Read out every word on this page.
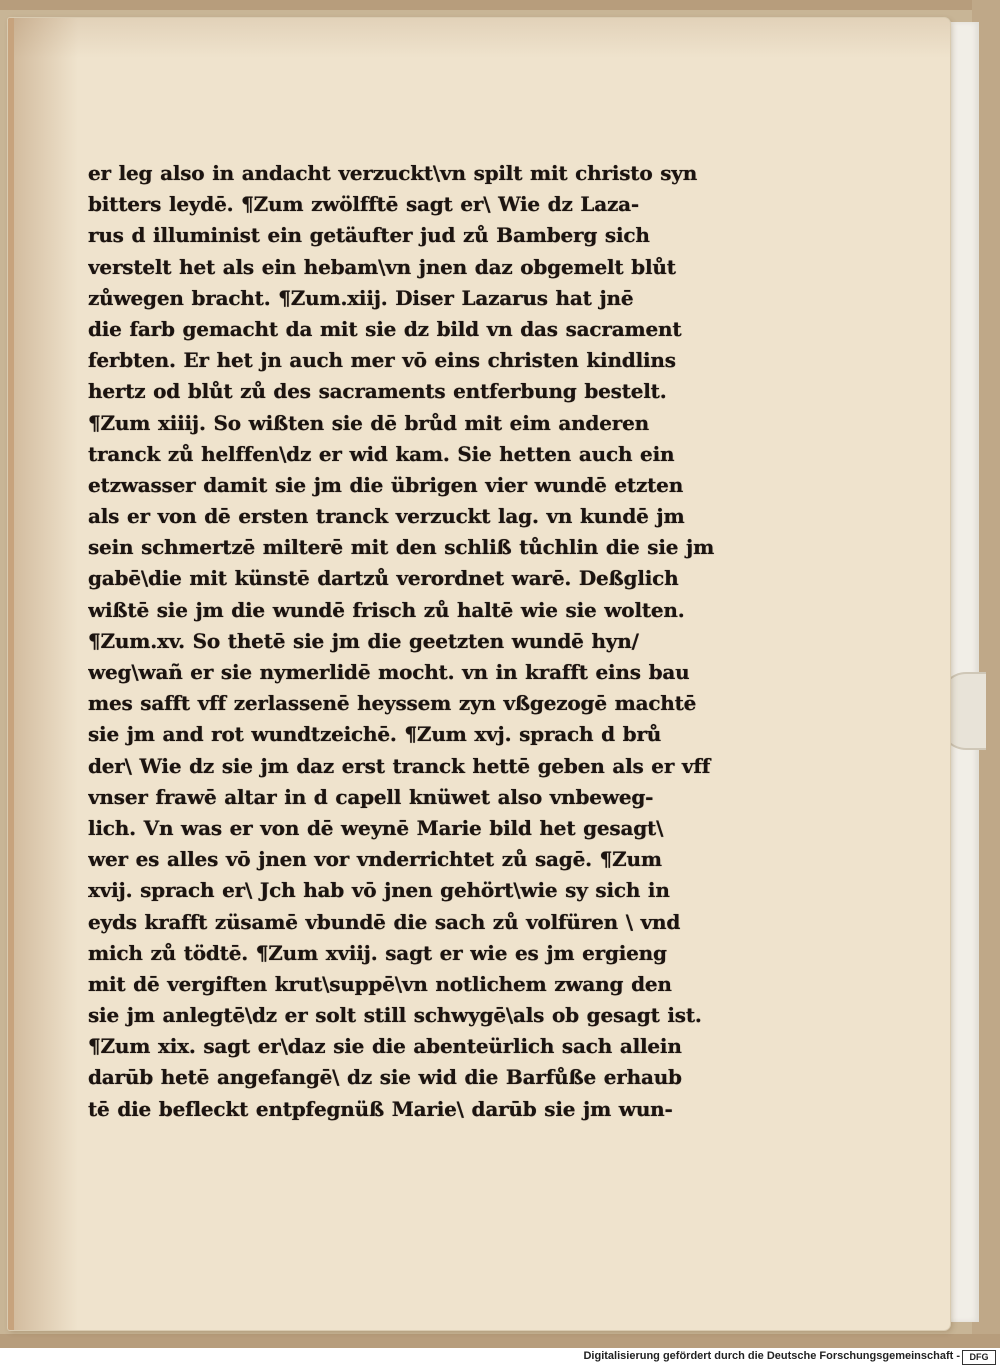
er leg also in andacht verzuckt\vn spilt mit christo syn
bitters leydē. ¶Zum zwölfftē sagt er\ Wie dz Laza-
rus d illuminist ein getäufter jud zů Bamberg sich
verstelt het als ein hebam\vn jnen daz obgemelt blůt
zůwegen bracht. ¶Zum.xiij. Diser Lazarus hat jnē
die farb gemacht da mit sie dz bild vn das sacrament
ferbten. Er het jn auch mer vō eins christen kindlins
hertz od blůt zů des sacraments entferbung bestelt.
¶Zum xiiij. So wißten sie dē brůd mit eim anderen
tranck zů helffen\dz er wid kam. Sie hetten auch ein
etzwasser damit sie jm die übrigen vier wundē etzten
als er von dē ersten tranck verzuckt lag. vn kundē jm
sein schmertzē milterē mit den schliß tůchlin die sie jm
gabē\die mit künstē dartzů verordnet warē. Deßglich
wißtē sie jm die wundē frisch zů haltē wie sie wolten.
¶Zum.xv. So thetē sie jm die geetzten wundē hyn/
weg\wañ er sie nymerlidē mocht. vn in krafft eins bau
mes safft vff zerlassenē heyssem zyn vßgezogē machtē
sie jm and rot wundtzeichē. ¶Zum xvj. sprach d brů
der\ Wie dz sie jm daz erst tranck hettē geben als er vff
vnser frawē altar in d capell knüwet also vnbeweg-
lich. Vn was er von dē weynē Marie bild het gesagt\
wer es alles vō jnen vor vnderrichtet zů sagē. ¶Zum
xvij. sprach er\ Jch hab vō jnen gehört\wie sy sich in
eyds krafft züsamē vbundē die sach zů volfüren \ vnd
mich zů tödtē. ¶Zum xviij. sagt er wie es jm ergieng
mit dē vergiften krut\suppē\vn notlichem zwang den
sie jm anlegtē\dz er solt still schwygē\als ob gesagt ist.
¶Zum xix. sagt er\daz sie die abenteürlich sach allein
darūb hetē angefangē\ dz sie wid die Barfůße erhaub
tē die befleckt entpfegnüß Marie\ darūb sie jm wun-
Digitalisierung gefördert durch die Deutsche Forschungsgemeinschaft -	DFG
